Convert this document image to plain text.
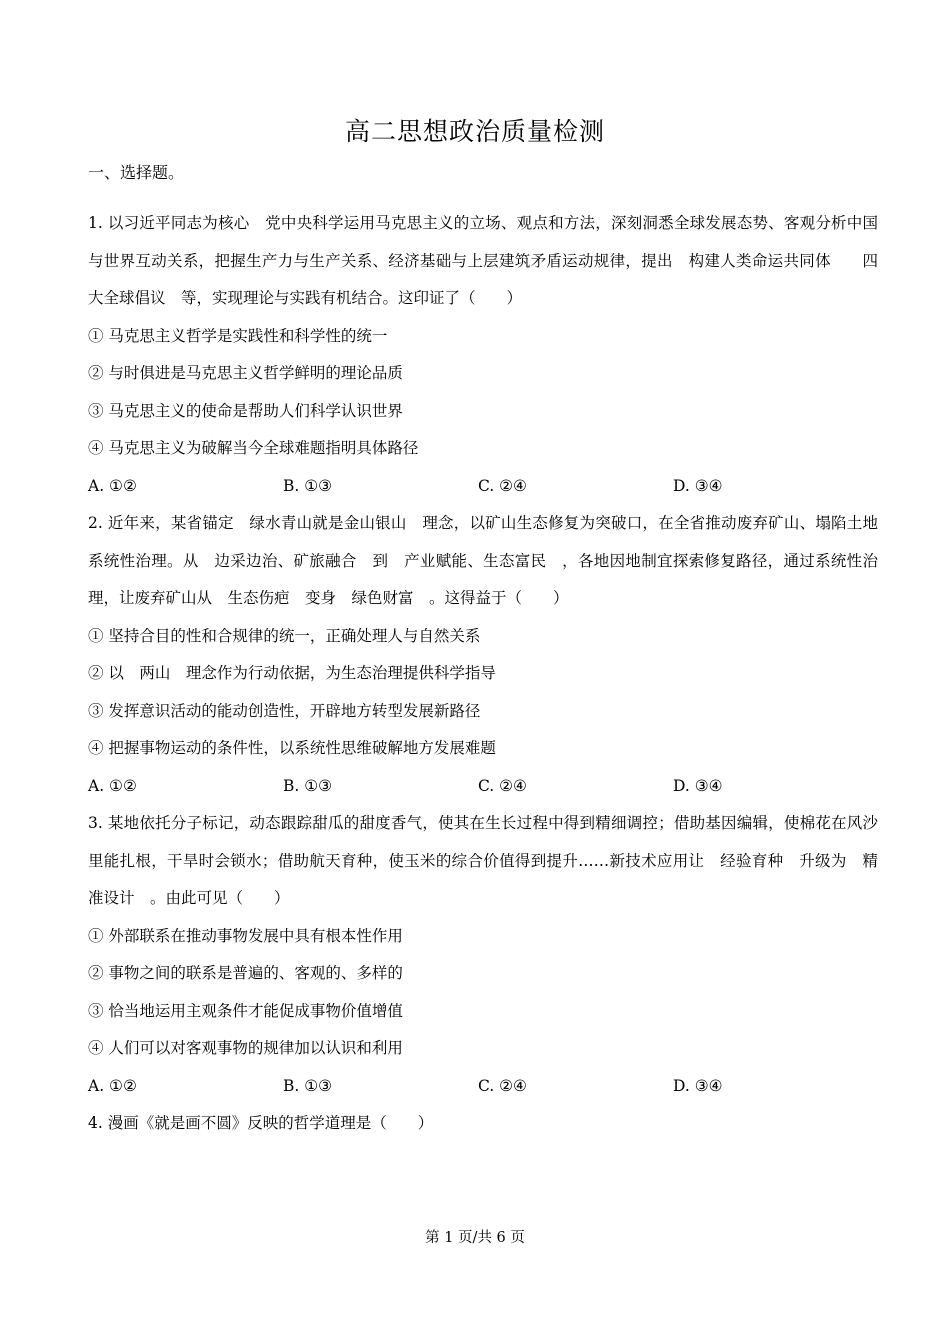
高二思想政治质量检测
一、选择题。
1. 以习近平同志为核心　党中央科学运用马克思主义的立场、观点和方法，深刻洞悉全球发展态势、客观分析中国与世界互动关系，把握生产力与生产关系、经济基础与上层建筑矛盾运动规律，提出　构建人类命运共同体　　四大全球倡议　等，实现理论与实践有机结合。这印证了（　　）
① 马克思主义哲学是实践性和科学性的统一
② 与时俱进是马克思主义哲学鲜明的理论品质
③ 马克思主义的使命是帮助人们科学认识世界
④ 马克思主义为破解当今全球难题指明具体路径
A. ①②	B. ①③	C. ②④	D. ③④
2. 近年来，某省锚定　绿水青山就是金山银山　理念，以矿山生态修复为突破口，在全省推动废弃矿山、塌陷土地系统性治理。从　边采边治、矿旅融合　到　产业赋能、生态富民　，各地因地制宜探索修复路径，通过系统性治理，让废弃矿山从　生态伤疤　变身　绿色财富　。这得益于（　　）
① 坚持合目的性和合规律的统一，正确处理人与自然关系
② 以　两山　理念作为行动依据，为生态治理提供科学指导
③ 发挥意识活动的能动创造性，开辟地方转型发展新路径
④ 把握事物运动的条件性，以系统性思维破解地方发展难题
A. ①②	B. ①③	C. ②④	D. ③④
3. 某地依托分子标记，动态跟踪甜瓜的甜度香气，使其在生长过程中得到精细调控；借助基因编辑，使棉花在风沙里能扎根，干旱时会锁水；借助航天育种，使玉米的综合价值得到提升……新技术应用让　经验育种　升级为　精准设计　。由此可见（　　）
① 外部联系在推动事物发展中具有根本性作用
② 事物之间的联系是普遍的、客观的、多样的
③ 恰当地运用主观条件才能促成事物价值增值
④ 人们可以对客观事物的规律加以认识和利用
A. ①②	B. ①③	C. ②④	D. ③④
4. 漫画《就是画不圆》反映的哲学道理是（　　）
第 1 页/共 6 页
